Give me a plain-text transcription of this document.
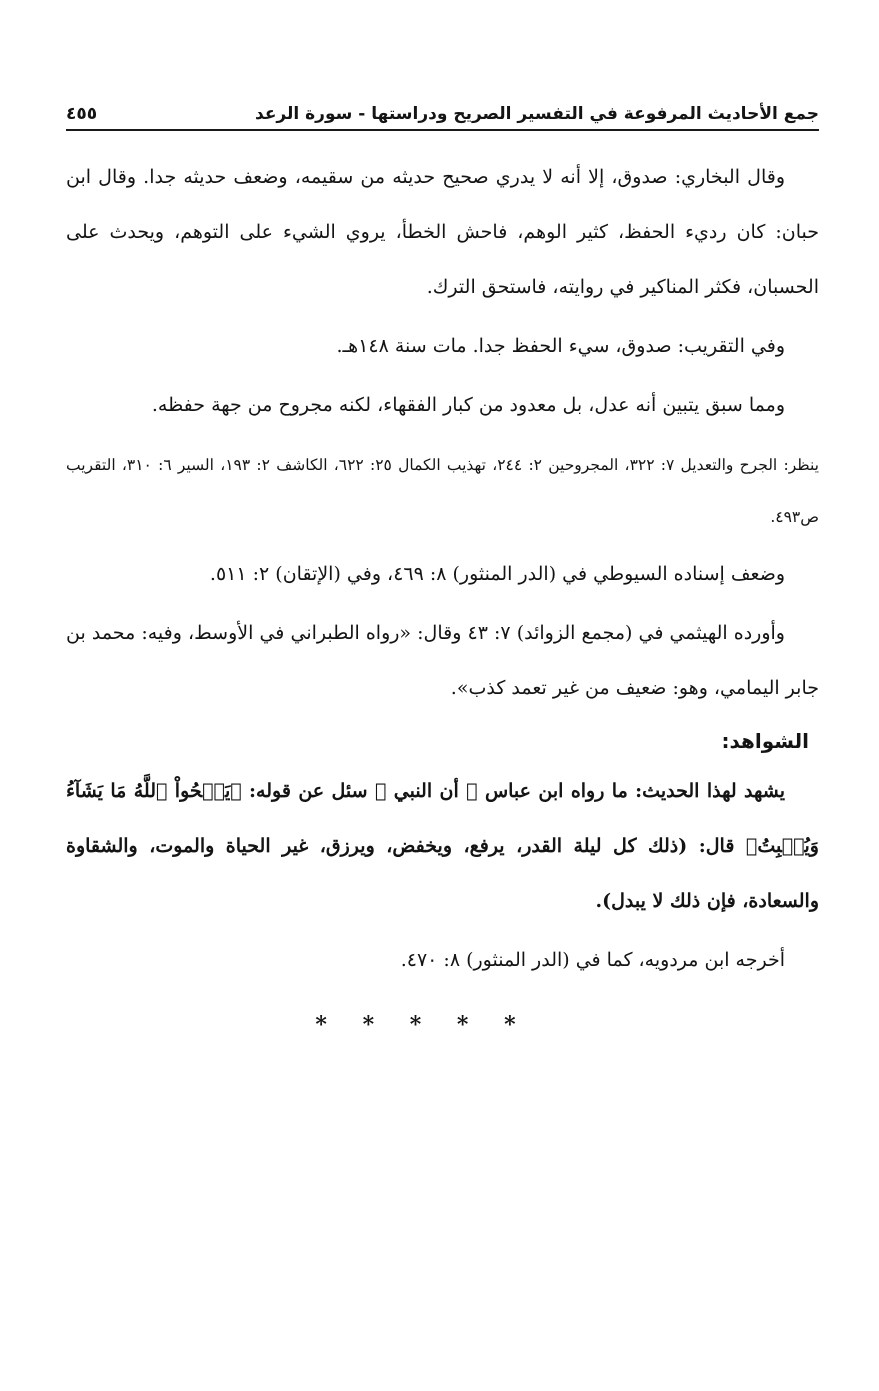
جمع الأحاديث المرفوعة في التفسير الصريح ودراستها - سورة الرعد
٤٥٥

وقال البخاري: صدوق، إلا أنه لا يدري صحيح حديثه من سقيمه، وضعف حديثه جدا. وقال ابن حبان: كان رديء الحفظ، كثير الوهم، فاحش الخطأ، يروي الشيء على التوهم، ويحدث على الحسبان، فكثر المناكير في روايته، فاستحق الترك.

وفي التقريب: صدوق، سيء الحفظ جدا. مات سنة ١٤٨هـ.

ومما سبق يتبين أنه عدل، بل معدود من كبار الفقهاء، لكنه مجروح من جهة حفظه.

ينظر: الجرح والتعديل ٧: ٣٢٢، المجروحين ٢: ٢٤٤، تهذيب الكمال ٢٥: ٦٢٢، الكاشف ٢: ١٩٣، السير ٦: ٣١٠، التقريب ص٤٩٣.

وضعف إسناده السيوطي في (الدر المنثور) ٨: ٤٦٩، وفي (الإتقان) ٢: ٥١١.

وأورده الهيثمي في (مجمع الزوائد) ٧: ٤٣ وقال: «رواه الطبراني في الأوسط، وفيه: محمد بن جابر اليمامي، وهو: ضعيف من غير تعمد كذب».

الشواهد:

يشهد لهذا الحديث: ما رواه ابن عباس ﵄ أن النبي ﷺ سئل عن قوله: ﴿يَمۡحُواْ ٱللَّهُ مَا يَشَآءُ وَيُثۡبِتُ﴾ قال: (ذلك كل ليلة القدر، يرفع، ويخفض، ويرزق، غير الحياة والموت، والشقاوة والسعادة، فإن ذلك لا يبدل).

أخرجه ابن مردويه، كما في (الدر المنثور) ٨: ٤٧٠.

* * * * *
